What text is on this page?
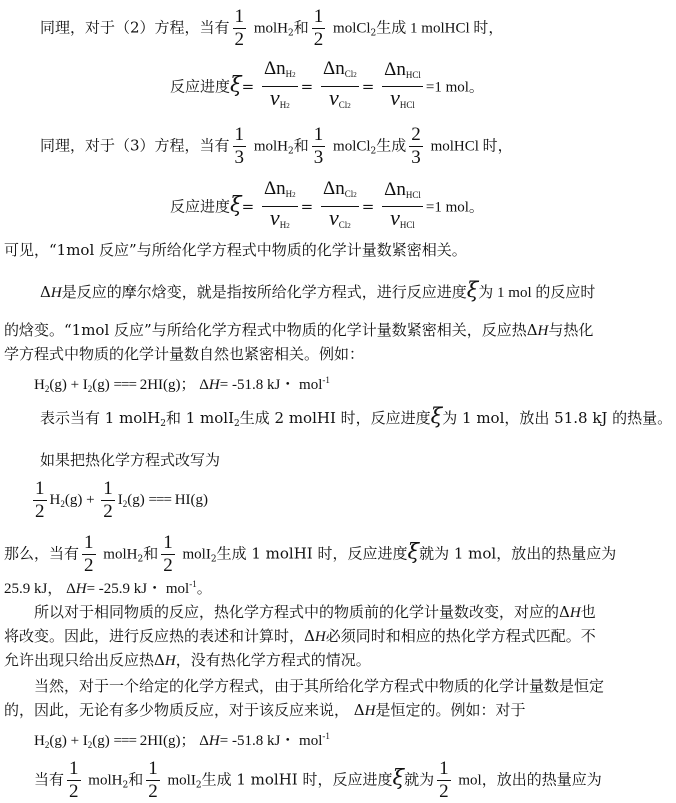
同理，对于（2）方程，当有 $\frac{1}{2}$ molH$_2$和 $\frac{1}{2}$ molCl$_2$生成 1 molHCl 时，
反应进度$\xi= \frac{\Delta n_{H2}}{\nu_{H2}} = \frac{\Delta n_{Cl2}}{\nu_{Cl2}} = \frac{\Delta n_{HCl}}{\nu_{HCl}} =1$ mol。
同理，对于（3）方程，当有 $\frac{1}{3}$ molH$_2$和 $\frac{1}{3}$ molCl$_2$生成 $\frac{2}{3}$ molHCl 时，
反应进度$\xi= \frac{\Delta n_{H2}}{\nu_{H2}} = \frac{\Delta n_{Cl2}}{\nu_{Cl2}} = \frac{\Delta n_{HCl}}{\nu_{HCl}} =1$ mol。
可见，“1mol 反应”与所给化学方程式中物质的化学计量数紧密相关。
ΔH是反应的摩尔焓变，就是指按所给化学方程式，进行反应进度ξ为 1 mol 的反应时
的焓变。“1mol 反应”与所给化学方程式中物质的化学计量数紧密相关，反应热ΔH与热化
学方程式中物质的化学计量数自然也紧密相关。例如：
$H_2(g) + I_2(g)$ === 2HI(g)； ΔH= -51.8 kJ・ mol$^{-1}$
表示当有 1 molH$_2$和 1 molI$_2$生成 2 molHI 时，反应进度ξ为 1 mol，放出 51.8 kJ 的热量。
如果把热化学方程式改写为
$\frac{1}{2} H_2(g) + \frac{1}{2} I_2(g)$ === HI(g)
那么，当有 $\frac{1}{2}$ molH$_2$和 $\frac{1}{2}$ molI$_2$生成 1 molHI 时，反应进度ξ就为 1 mol，放出的热量应为
25.9 kJ， ΔH= -25.9 kJ・ mol$^{-1}$。
所以对于相同物质的反应，热化学方程式中的物质前的化学计量数改变，对应的ΔH也
将改变。因此，进行反应热的表述和计算时，ΔH必须同时和相应的热化学方程式匹配。不
允许出现只给出反应热ΔH，没有热化学方程式的情况。
当然，对于一个给定的化学方程式，由于其所给化学方程式中物质的化学计量数是恒定
的，因此，无论有多少物质反应，对于该反应来说， ΔH是恒定的。例如：对于
$H_2(g) + I_2(g)$ === 2HI(g)； ΔH= -51.8 kJ・ mol$^{-1}$
当有 $\frac{1}{2}$ molH$_2$和 $\frac{1}{2}$ molI$_2$生成 1 molHI 时，反应进度ξ就为 $\frac{1}{2}$ mol，放出的热量应为
